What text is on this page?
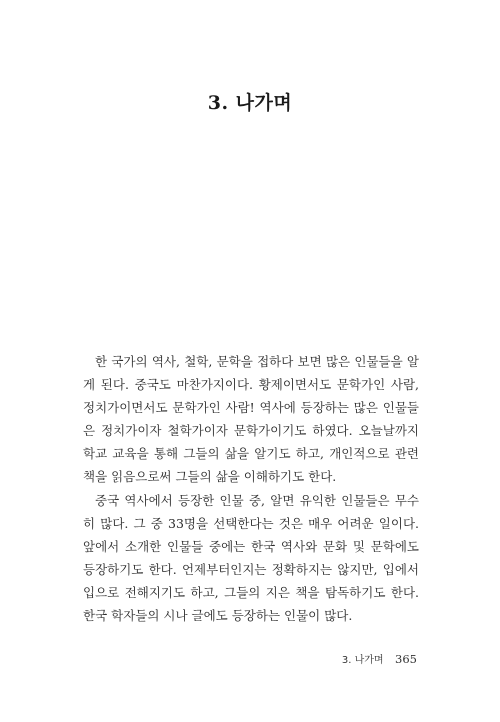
3. 나가며

한 국가의 역사, 철학, 문학을 접하다 보면 많은 인물들을 알게 된다. 중국도 마찬가지이다. 황제이면서도 문학가인 사람, 정치가이면서도 문학가인 사람! 역사에 등장하는 많은 인물들은 정치가이자 철학가이자 문학가이기도 하였다. 오늘날까지 학교 교육을 통해 그들의 삶을 알기도 하고, 개인적으로 관련 책을 읽음으로써 그들의 삶을 이해하기도 한다.

중국 역사에서 등장한 인물 중, 알면 유익한 인물들은 무수히 많다. 그 중 33명을 선택한다는 것은 매우 어려운 일이다. 앞에서 소개한 인물들 중에는 한국 역사와 문화 및 문학에도 등장하기도 한다. 언제부터인지는 정확하지는 않지만, 입에서 입으로 전해지기도 하고, 그들의 지은 책을 탐독하기도 한다. 한국 학자들의 시나 글에도 등장하는 인물이 많다.

3. 나가며 365
